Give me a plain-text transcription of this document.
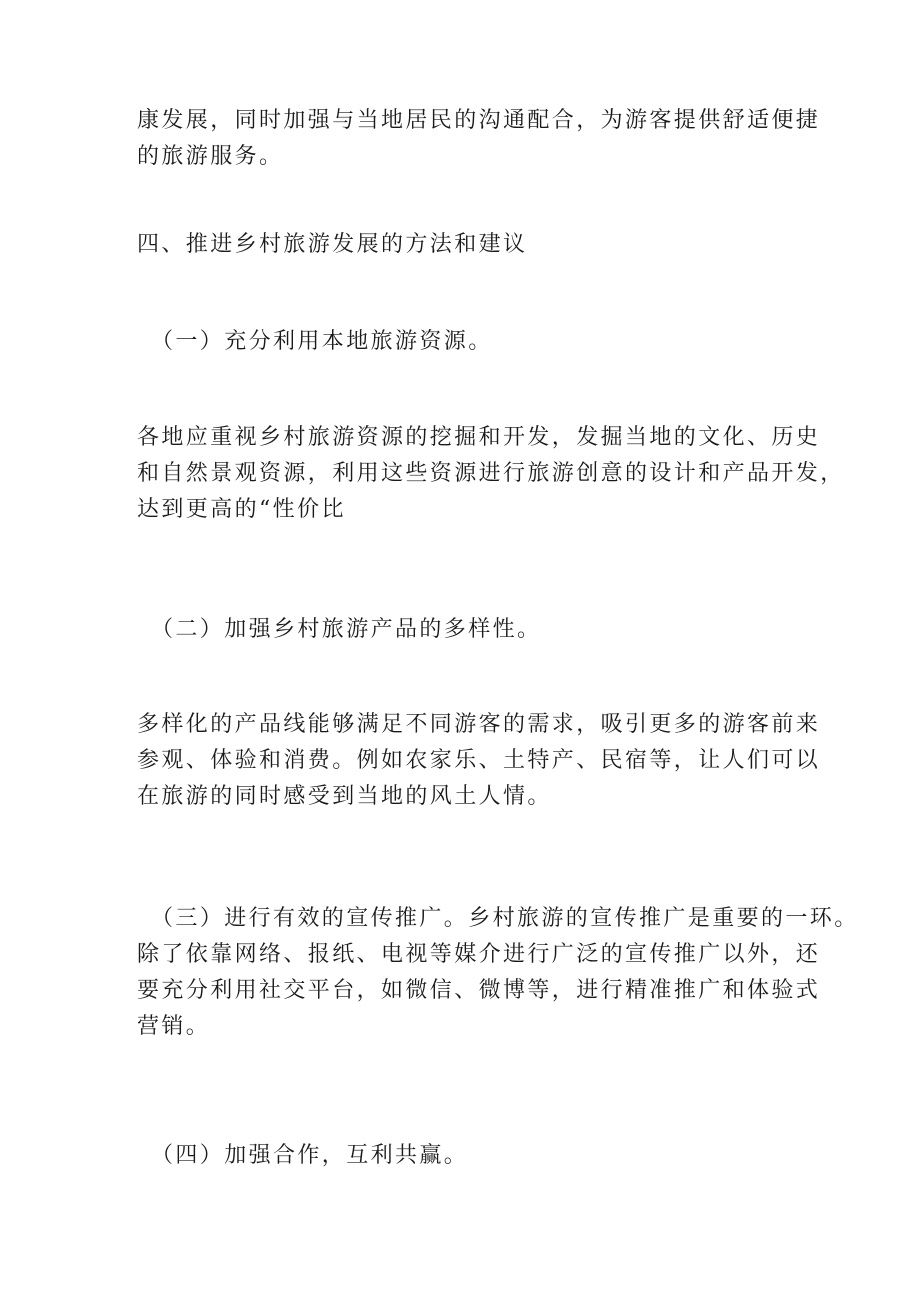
康发展，同时加强与当地居民的沟通配合，为游客提供舒适便捷
的旅游服务。

四、推进乡村旅游发展的方法和建议

（一）充分利用本地旅游资源。

各地应重视乡村旅游资源的挖掘和开发，发掘当地的文化、历史
和自然景观资源，利用这些资源进行旅游创意的设计和产品开发，
达到更高的“性价比

（二）加强乡村旅游产品的多样性。

多样化的产品线能够满足不同游客的需求，吸引更多的游客前来
参观、体验和消费。例如农家乐、土特产、民宿等，让人们可以
在旅游的同时感受到当地的风土人情。

（三）进行有效的宣传推广。乡村旅游的宣传推广是重要的一环。
除了依靠网络、报纸、电视等媒介进行广泛的宣传推广以外，还
要充分利用社交平台，如微信、微博等，进行精准推广和体验式
营销。

（四）加强合作，互利共赢。
